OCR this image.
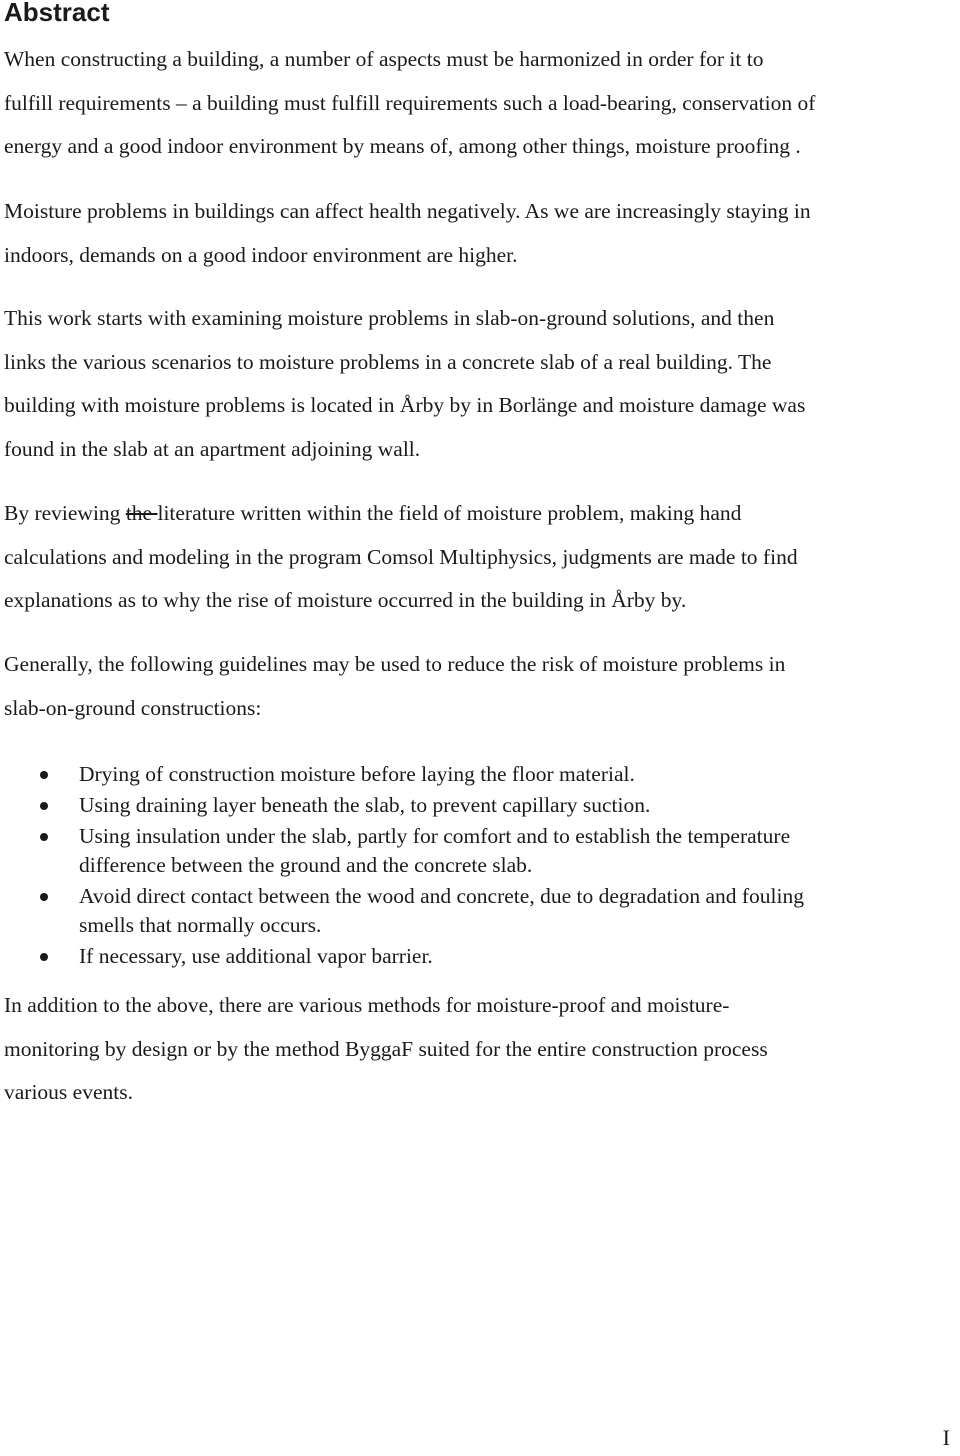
Abstract

When constructing a building, a number of aspects must be harmonized in order for it to
fulfill requirements – a building must fulfill requirements such a load-bearing, conservation of
energy and a good indoor environment by means of, among other things, moisture proofing .

Moisture problems in buildings can affect health negatively. As we are increasingly staying in
indoors, demands on a good indoor environment are higher.

This work starts with examining moisture problems in slab-on-ground solutions, and then
links the various scenarios to moisture problems in a concrete slab of a real building. The
building with moisture problems is located in Årby by in Borlänge and moisture damage was
found in the slab at an apartment adjoining wall.

By reviewing the literature written within the field of moisture problem, making hand
calculations and modeling in the program Comsol Multiphysics, judgments are made to find
explanations as to why the rise of moisture occurred in the building in Årby by.

Generally, the following guidelines may be used to reduce the risk of moisture problems in
slab-on-ground constructions:

Drying of construction moisture before laying the floor material.
Using draining layer beneath the slab, to prevent capillary suction.
Using insulation under the slab, partly for comfort and to establish the temperature
difference between the ground and the concrete slab.
Avoid direct contact between the wood and concrete, due to degradation and fouling
smells that normally occurs.
If necessary, use additional vapor barrier.

In addition to the above, there are various methods for moisture-proof and moisture-
monitoring by design or by the method ByggaF suited for the entire construction process
various events.

I
